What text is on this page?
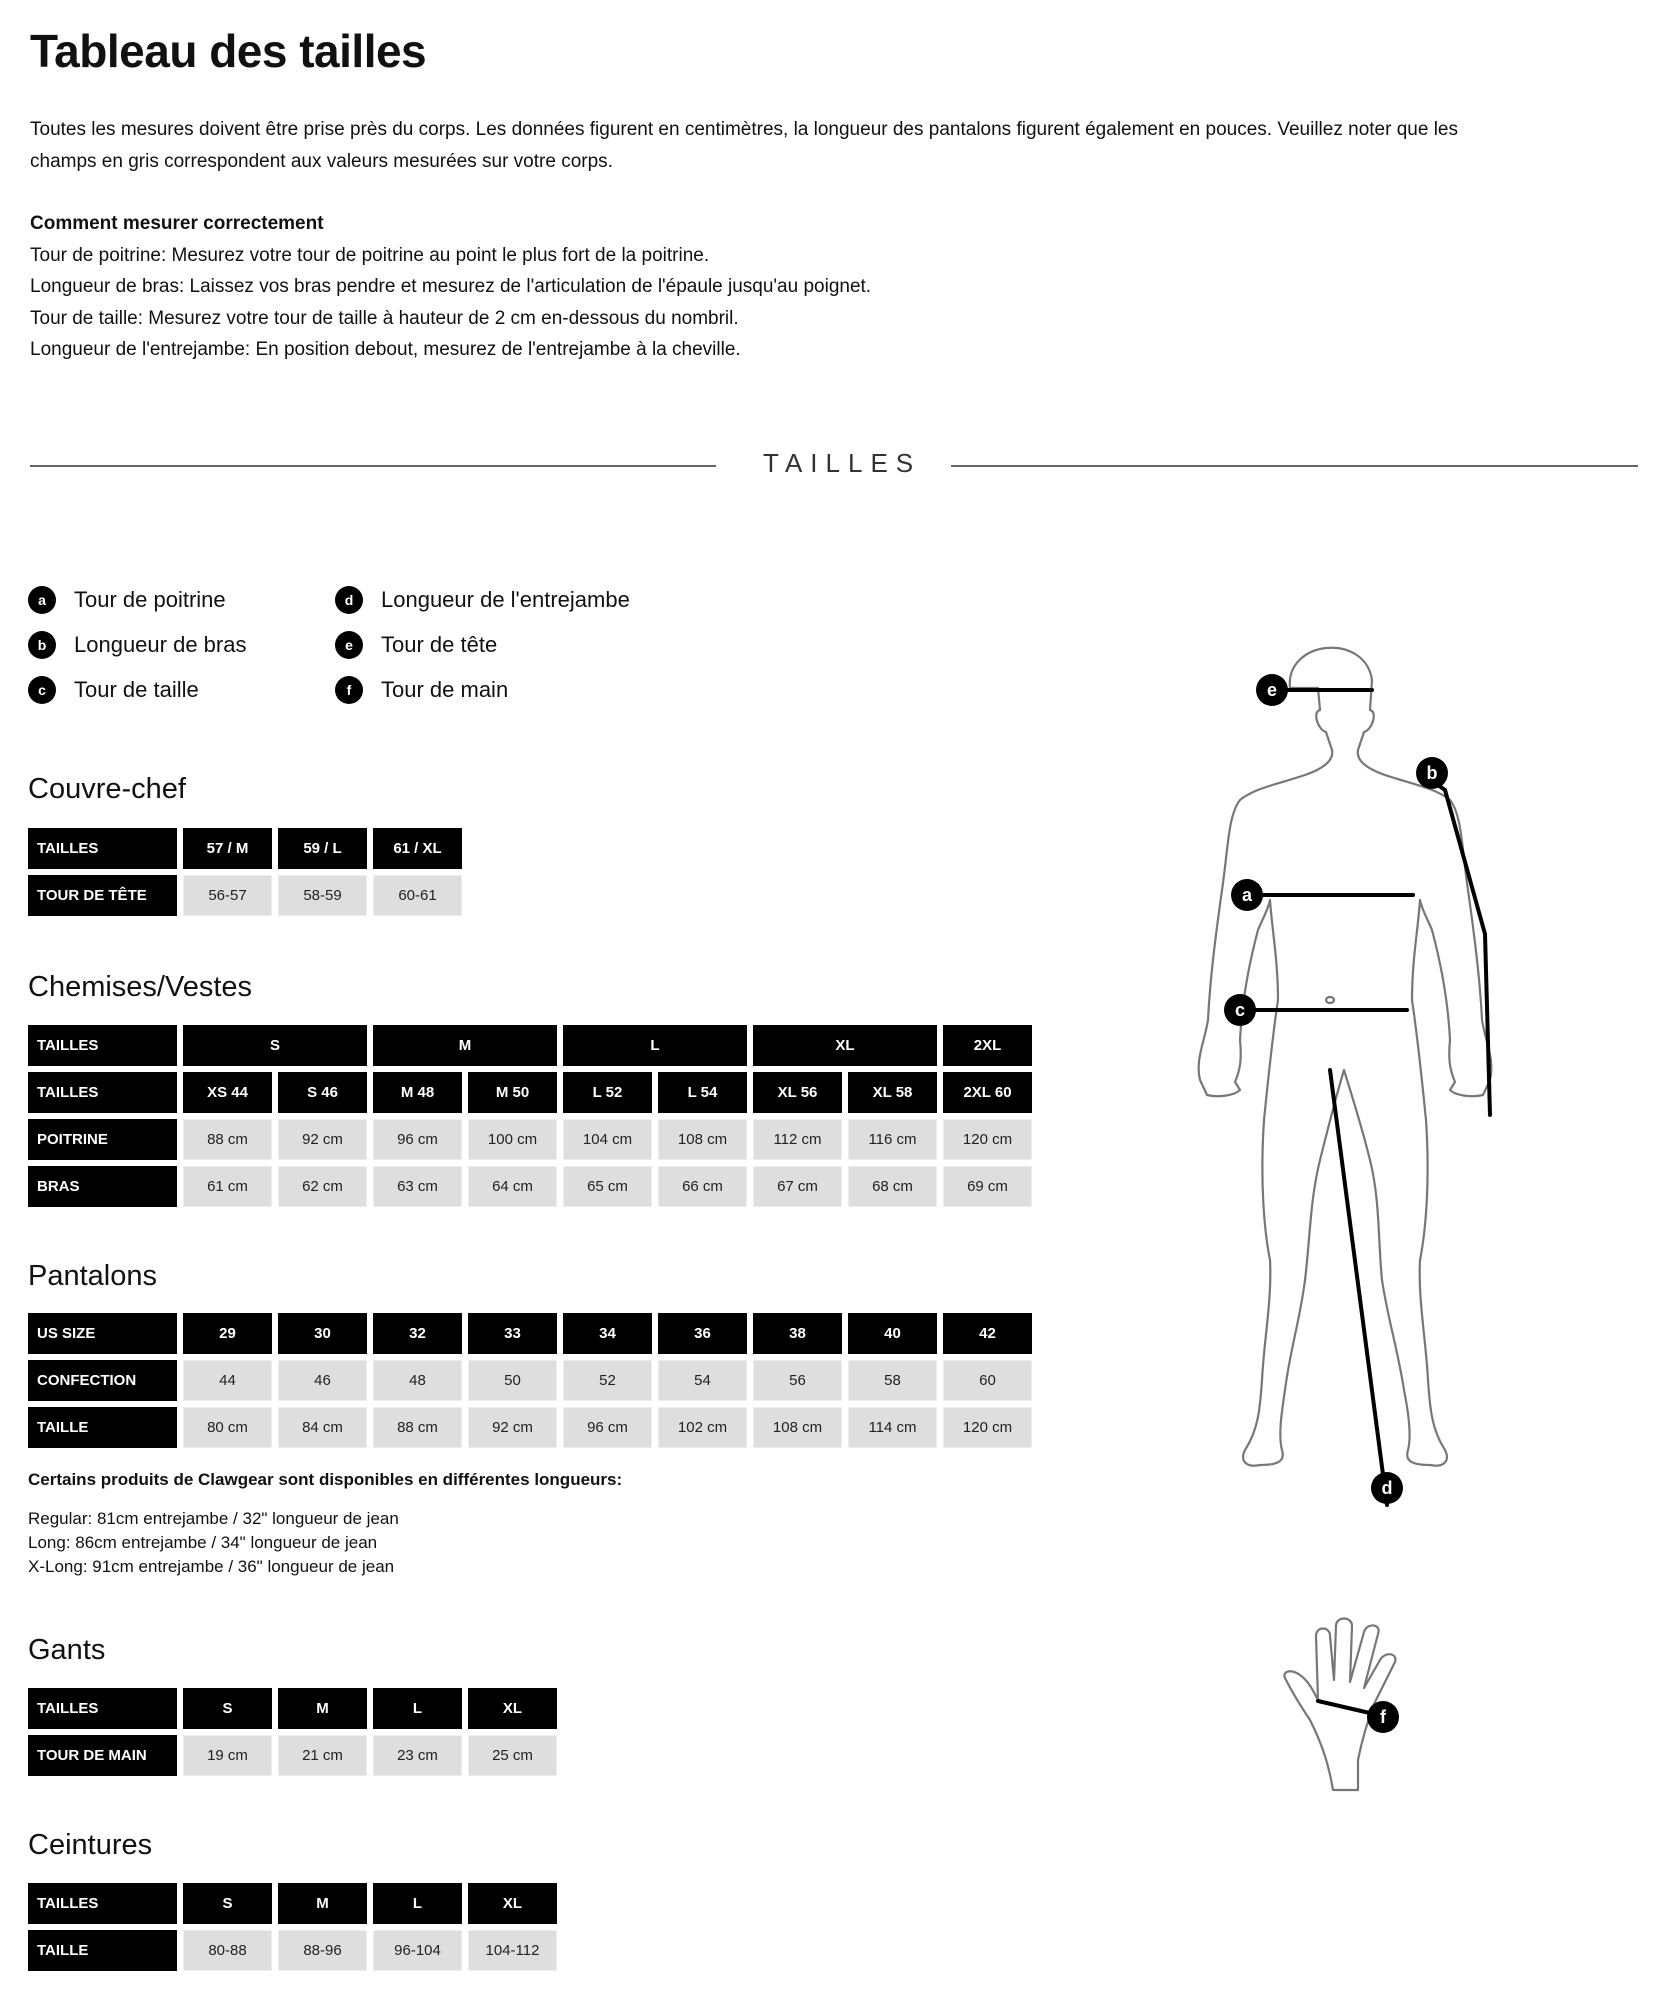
Tableau des tailles

Toutes les mesures doivent être prise près du corps. Les données figurent en centimètres, la longueur des pantalons figurent également en pouces. Veuillez noter que les

champs en gris correspondent aux valeurs mesurées sur votre corps.

Comment mesurer correctement
Tour de poitrine: Mesurez votre tour de poitrine au point le plus fort de la poitrine.
Longueur de bras: Laissez vos bras pendre et mesurez de l'articulation de l'épaule jusqu'au poignet.
Tour de taille: Mesurez votre tour de taille à hauteur de 2 cm en-dessous du nombril.
Longueur de l'entrejambe: En position debout, mesurez de l'entrejambe à la cheville.
TAILLES
a	Tour de poitrine
b	Longueur de bras
c	Tour de taille
d	Longueur de l'entrejambe
e	Tour de tête
f	Tour de main
Couvre-chef
TAILLES	57 / M	59 / L	61 / XL
TOUR DE TÊTE	56-57	58-59	60-61
Chemises/Vestes
TAILLES	S	M	L	XL	2XL
TAILLES	XS 44	S 46	M 48	M 50	L 52	L 54	XL 56	XL 58	2XL 60
POITRINE	88 cm	92 cm	96 cm	100 cm	104 cm	108 cm	112 cm	116 cm	120 cm
BRAS	61 cm	62 cm	63 cm	64 cm	65 cm	66 cm	67 cm	68 cm	69 cm
Pantalons
US SIZE	29	30	32	33	34	36	38	40	42
CONFECTION	44	46	48	50	52	54	56	58	60
TAILLE	80 cm	84 cm	88 cm	92 cm	96 cm	102 cm	108 cm	114 cm	120 cm
Certains produits de Clawgear sont disponibles en différentes longueurs:
Regular: 81cm entrejambe / 32" longueur de jean
Long: 86cm entrejambe / 34" longueur de jean
X-Long: 91cm entrejambe / 36" longueur de jean
Gants
TAILLES	S	M	L	XL
TOUR DE MAIN	19 cm	21 cm	23 cm	25 cm
Ceintures
TAILLES	S	M	L	XL
TAILLE	80-88	88-96	96-104	104-112
e
b
a
c
d
f
